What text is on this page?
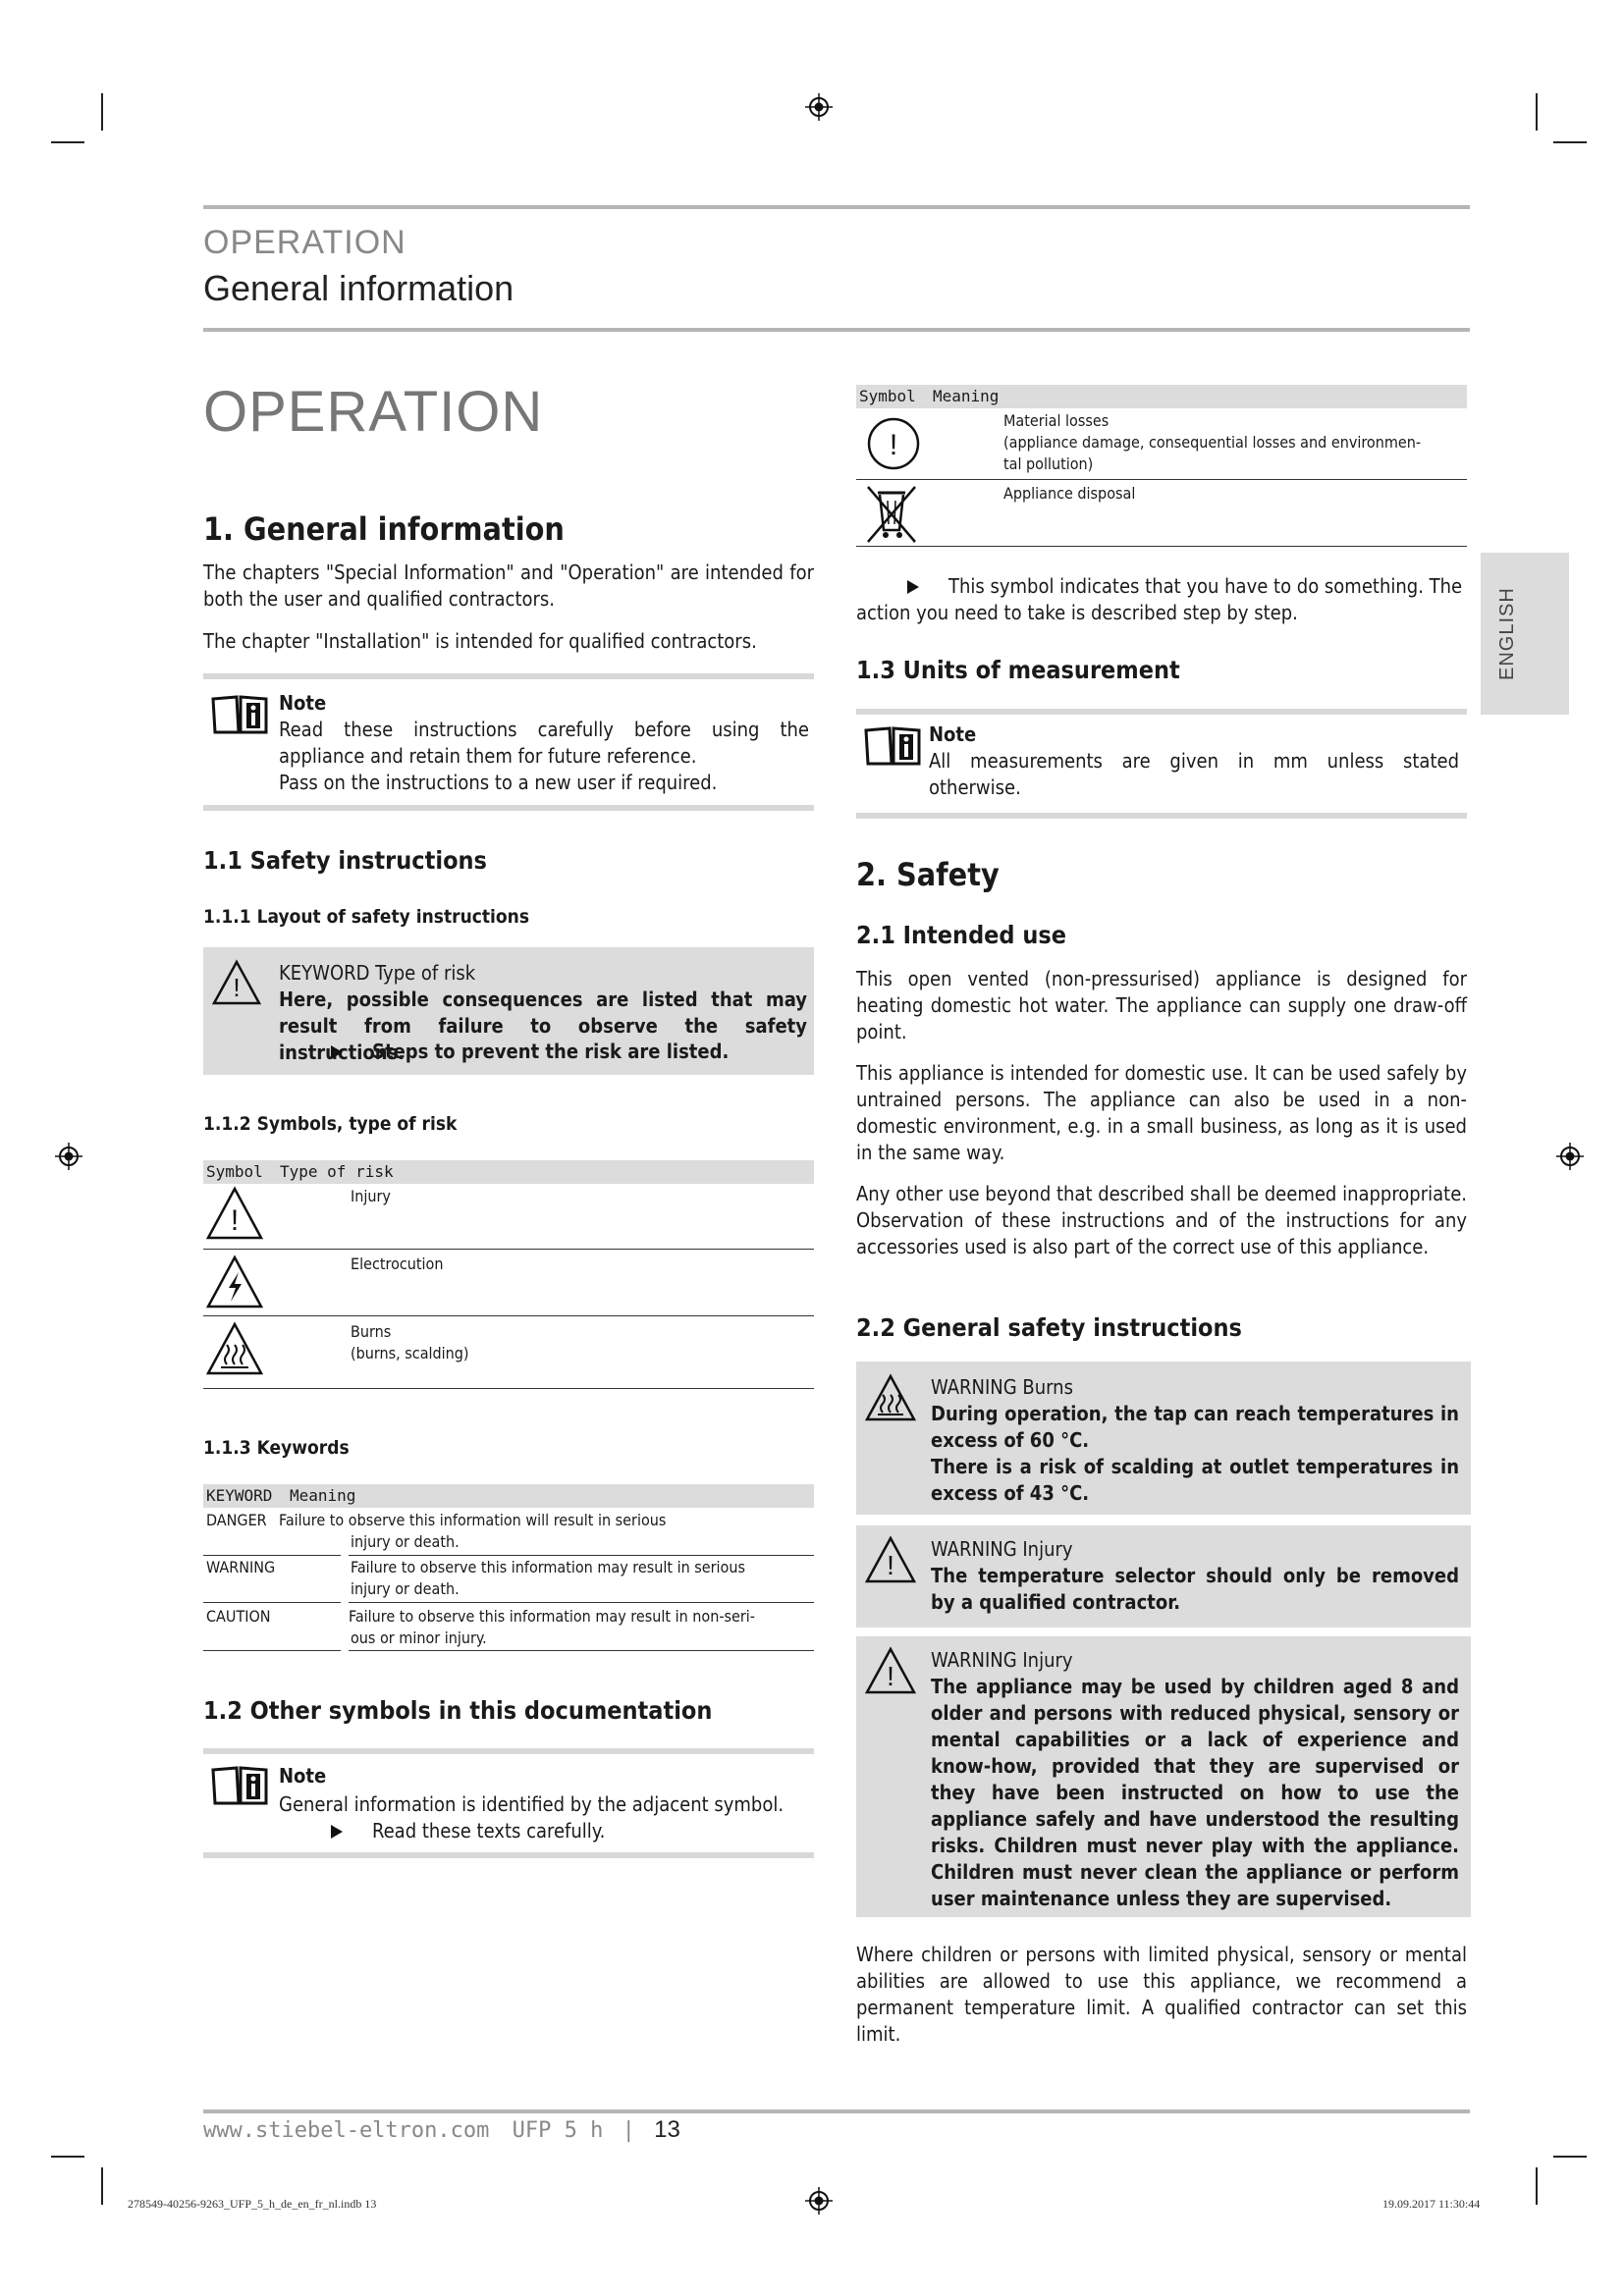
OPERATION
General information
ENGLISH
OPERATION
1. General information

The chapters "Special Information" and "Operation" are intended for both the user and qualified contractors.

The chapter "Installation" is intended for qualified contractors.

Note

Read these instructions carefully before using the appliance and retain them for future reference.

Pass on the instructions to a new user if required.

1.1 Safety instructions
1.1.1 Layout of safety instructions
! KEYWORD Type of risk

Here, possible consequences are listed that may result from failure to observe the safety instructions.

Steps to prevent the risk are listed.
1.1.2 Symbols, type of risk
Symbol Type of risk
!
Injury
Electrocution
Burns
(burns, scalding)
1.1.3 Keywords
KEYWORD Meaning
DANGER Failure to observe this information will result in serious
injury or death.
WARNING	Failure to observe this information may result in serious
injury or death.
CAUTION	Failure to observe this information may result in non-seri-
ous or minor injury.
1.2 Other symbols in this documentation
Note

General information is identified by the adjacent symbol.

Read these texts carefully.
Symbol Meaning
!
Material losses
(appliance damage, consequential losses and environmen-
tal pollution)
Appliance disposal
This symbol indicates that you have to do something. The action you need to take is described step by step.
1.3 Units of measurement
Note

All measurements are given in mm unless stated otherwise.

2. Safety
2.1 Intended use

This open vented (non-pressurised) appliance is designed for heating domestic hot water. The appliance can supply one draw-off point.

This appliance is intended for domestic use. It can be used safely by untrained persons. The appliance can also be used in a non-domestic environment, e.g. in a small business, as long as it is used in the same way.

Any other use beyond that described shall be deemed inappropriate. Observation of these instructions and of the instructions for any accessories used is also part of the correct use of this appliance.

2.2 General safety instructions
WARNING Burns

During operation, the tap can reach temperatures in excess of 60 °C.

There is a risk of scalding at outlet temperatures in excess of 43 °C.

!
WARNING Injury

The temperature selector should only be removed by a qualified contractor.

!
WARNING Injury

The appliance may be used by children aged 8 and older and persons with reduced physical, sensory or mental capabilities or a lack of experience and know-how, provided that they are supervised or they have been instructed on how to use the appliance safely and have understood the resulting risks. Children must never play with the appliance. Children must never clean the appliance or perform user maintenance unless they are supervised.

Where children or persons with limited physical, sensory or mental abilities are allowed to use this appliance, we recommend a permanent temperature limit. A qualified contractor can set this limit.

www.stiebel-eltron.com UFP 5 h | 13
278549-40256-9263_UFP_5_h_de_en_fr_nl.indb 13	19.09.2017 11:30:44
